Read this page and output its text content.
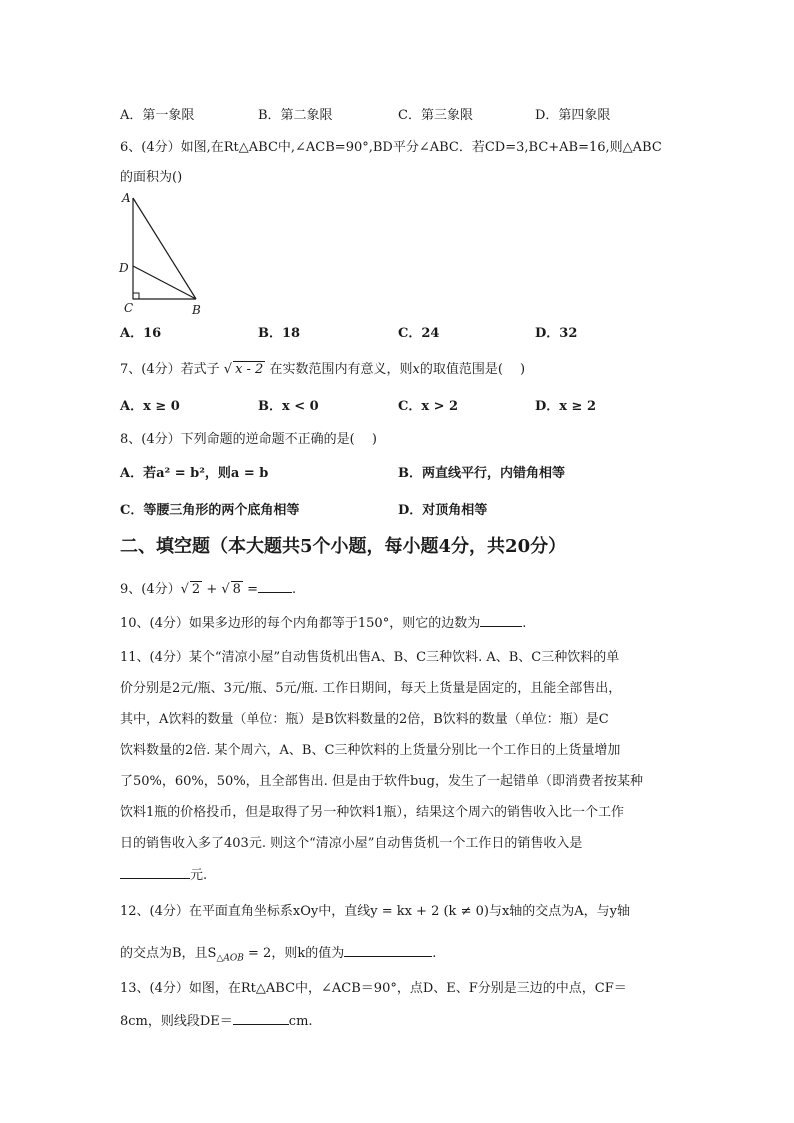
A．第一象限	B．第二象限	C．第三象限	D．第四象限
6、(4分）如图,在Rt△ABC中,∠ACB=90°,BD平分∠ABC．若CD=3,BC+AB=16,则△ABC
的面积为()
A
D
C	B
A．16	B．18	C．24	D．32
7、(4分）若式子 √ x - 2 在实数范围内有意义，则x的取值范围是(　 )
A．x ≥ 0	B．x < 0	C．x > 2	D．x ≥ 2
8、(4分）下列命题的逆命题不正确的是(　 )
A．若a² = b²，则a = b	B．两直线平行，内错角相等
C．等腰三角形的两个底角相等	D．对顶角相等
二、填空题（本大题共5个小题，每小题4分，共20分）
9、(4分）√ 2 + √ 8 =	.
10、(4分）如果多边形的每个内角都等于150°，则它的边数为	.
11、(4分）某个“清凉小屋”自动售货机出售A、B、C三种饮料. A、B、C三种饮料的单
价分别是2元/瓶、3元/瓶、5元/瓶. 工作日期间，每天上货量是固定的，且能全部售出，
其中，A饮料的数量（单位：瓶）是B饮料数量的2倍，B饮料的数量（单位：瓶）是C
饮料数量的2倍. 某个周六，A、B、C三种饮料的上货量分别比一个工作日的上货量增加
了50%，60%，50%，且全部售出. 但是由于软件bug，发生了一起错单（即消费者按某种
饮料1瓶的价格投币，但是取得了另一种饮料1瓶），结果这个周六的销售收入比一个工作
日的销售收入多了403元. 则这个“清凉小屋”自动售货机一个工作日的销售收入是
元.
12、(4分）在平面直角坐标系xOy中，直线y = kx + 2 (k ≠ 0)与x轴的交点为A，与y轴
的交点为B，且$S_{\triangle AOB} = 2$，则k的值为	.
13、(4分）如图，在Rt△ABC中，∠ACB＝90°，点D、E、F分别是三边的中点，CF＝
8cm，则线段DE＝	cm.
